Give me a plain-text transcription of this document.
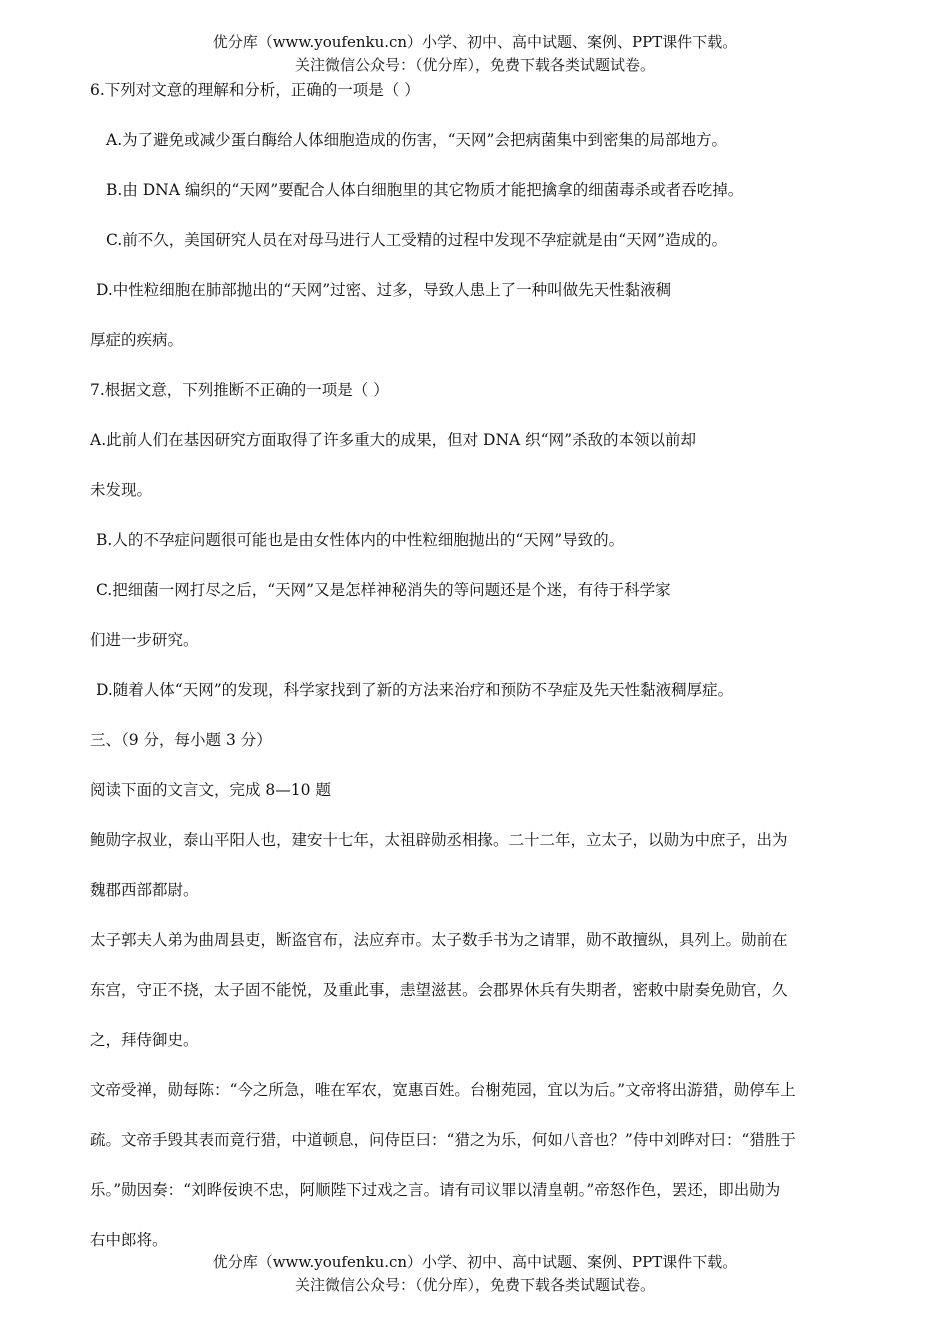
优分库（www.youfenku.cn）小学、初中、高中试题、案例、PPT课件下载。
关注微信公众号：（优分库），免费下载各类试题试卷。
6.下列对文意的理解和分析，正确的一项是（ ）
A.为了避免或减少蛋白酶给人体细胞造成的伤害，“天网”会把病菌集中到密集的局部地方。
B.由 DNA 编织的“天网”要配合人体白细胞里的其它物质才能把擒拿的细菌毒杀或者吞吃掉。
C.前不久，美国研究人员在对母马进行人工受精的过程中发现不孕症就是由“天网”造成的。
D.中性粒细胞在肺部抛出的“天网”过密、过多，导致人患上了一种叫做先天性黏液稠
厚症的疾病。
7.根据文意，下列推断不正确的一项是（ ）
A.此前人们在基因研究方面取得了许多重大的成果，但对 DNA 织“网”杀敌的本领以前却
未发现。
B.人的不孕症问题很可能也是由女性体内的中性粒细胞抛出的“天网”导致的。
C.把细菌一网打尽之后，“天网”又是怎样神秘消失的等问题还是个迷，有待于科学家
们进一步研究。
D.随着人体“天网”的发现，科学家找到了新的方法来治疗和预防不孕症及先天性黏液稠厚症。
三、（9 分，每小题 3 分）
阅读下面的文言文，完成 8—10 题
鲍勋字叔业，泰山平阳人也，建安十七年，太祖辟勋丞相掾。二十二年，立太子，以勋为中庶子，出为
魏郡西部都尉。
太子郭夫人弟为曲周县吏，断盗官布，法应弃市。太子数手书为之请罪，勋不敢擅纵，具列上。勋前在
东宫，守正不挠，太子固不能悦，及重此事，恚望滋甚。会郡界休兵有失期者，密敕中尉奏免勋官，久
之，拜侍御史。
文帝受禅，勋每陈：“今之所急，唯在军农，宽惠百姓。台榭苑园，宜以为后。”文帝将出游猎，勋停车上
疏。文帝手毁其表而竟行猎，中道顿息，问侍臣曰：“猎之为乐，何如八音也？”侍中刘晔对曰：“猎胜于
乐。”勋因奏：“刘晔佞谀不忠，阿顺陛下过戏之言。请有司议罪以清皇朝。”帝怒作色，罢还，即出勋为
右中郎将。
优分库（www.youfenku.cn）小学、初中、高中试题、案例、PPT课件下载。
关注微信公众号：（优分库），免费下载各类试题试卷。
